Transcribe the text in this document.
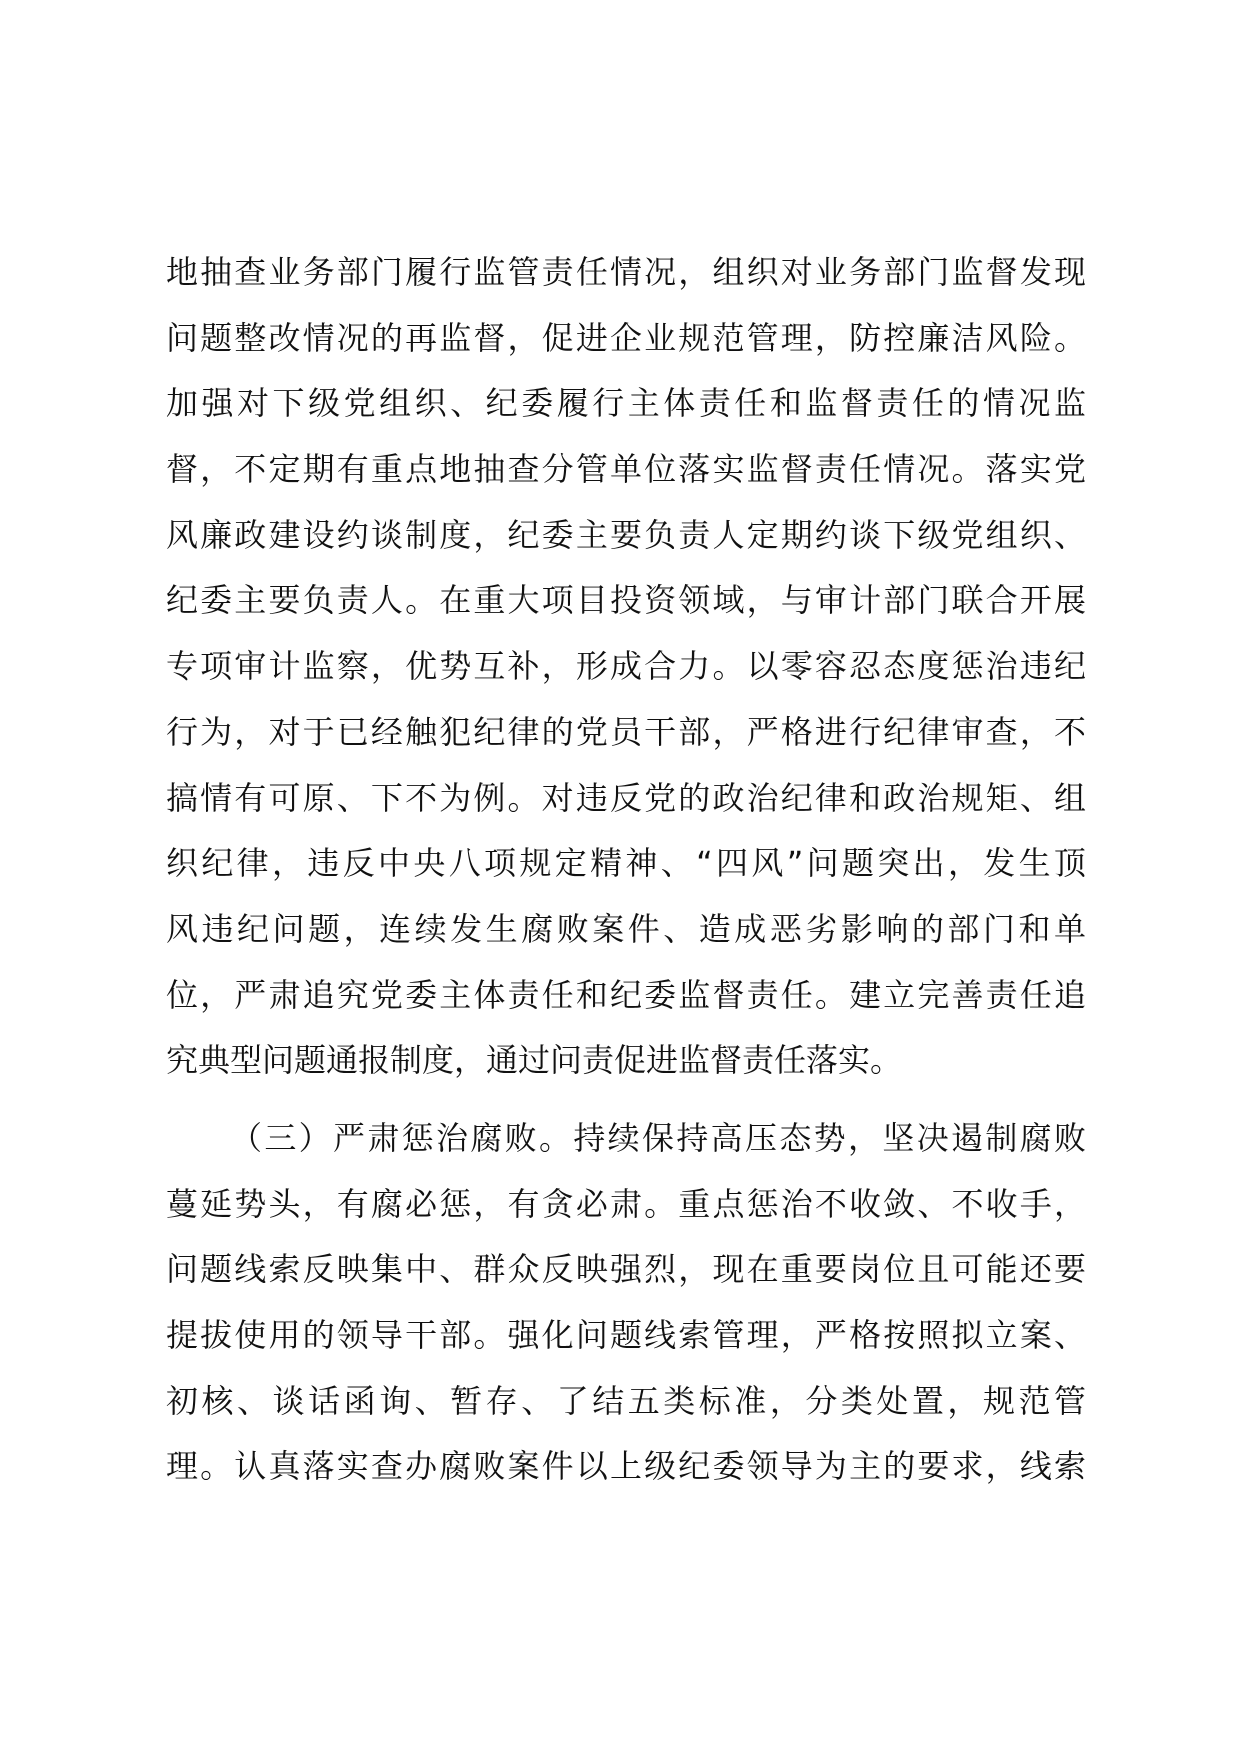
地抽查业务部门履行监管责任情况，组织对业务部门监督发现
问题整改情况的再监督，促进企业规范管理，防控廉洁风险。
加强对下级党组织、纪委履行主体责任和监督责任的情况监
督，不定期有重点地抽查分管单位落实监督责任情况。落实党
风廉政建设约谈制度，纪委主要负责人定期约谈下级党组织、
纪委主要负责人。在重大项目投资领域，与审计部门联合开展
专项审计监察，优势互补，形成合力。以零容忍态度惩治违纪
行为，对于已经触犯纪律的党员干部，严格进行纪律审查，不
搞情有可原、下不为例。对违反党的政治纪律和政治规矩、组
织纪律，违反中央八项规定精神、“四风”问题突出，发生顶
风违纪问题，连续发生腐败案件、造成恶劣影响的部门和单
位，严肃追究党委主体责任和纪委监督责任。建立完善责任追
究典型问题通报制度，通过问责促进监督责任落实。
（三）严肃惩治腐败。持续保持高压态势，坚决遏制腐败
蔓延势头，有腐必惩，有贪必肃。重点惩治不收敛、不收手，
问题线索反映集中、群众反映强烈，现在重要岗位且可能还要
提拔使用的领导干部。强化问题线索管理，严格按照拟立案、
初核、谈话函询、暂存、了结五类标准，分类处置，规范管
理。认真落实查办腐败案件以上级纪委领导为主的要求，线索
